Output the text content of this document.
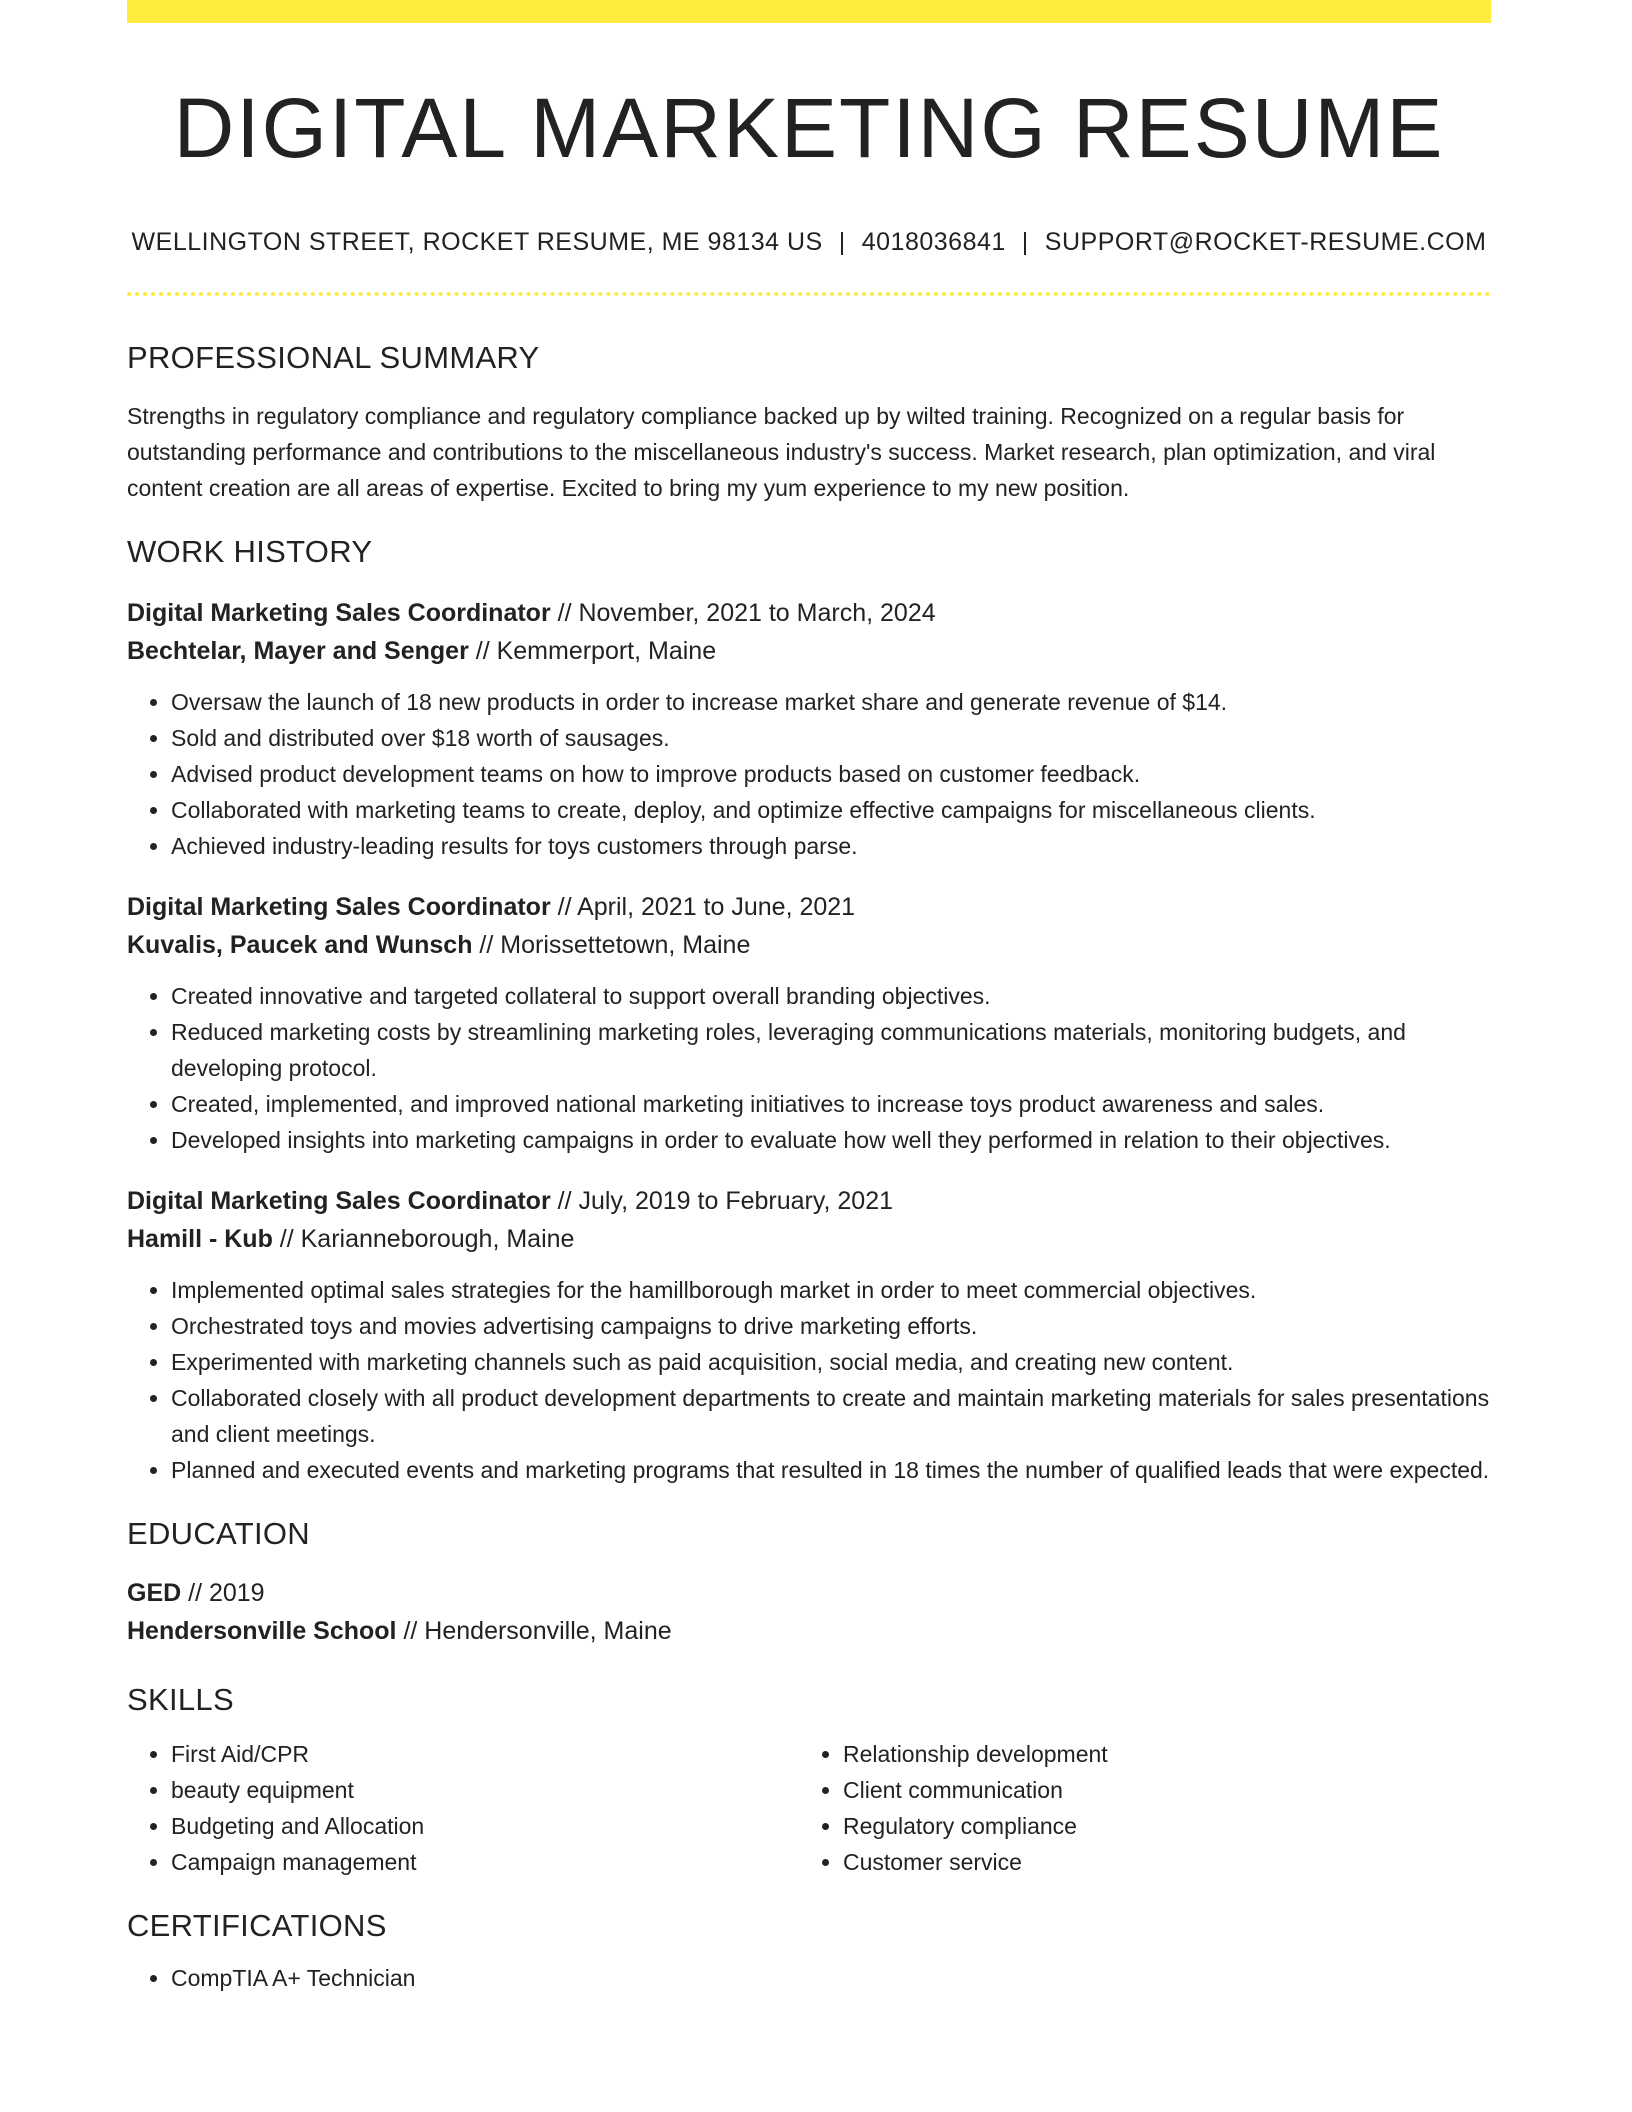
DIGITAL MARKETING RESUME
WELLINGTON STREET, ROCKET RESUME, ME 98134 US | 4018036841 | SUPPORT@ROCKET-RESUME.COM
PROFESSIONAL SUMMARY

Strengths in regulatory compliance and regulatory compliance backed up by wilted training. Recognized on a regular basis for outstanding performance and contributions to the miscellaneous industry's success. Market research, plan optimization, and viral content creation are all areas of expertise. Excited to bring my yum experience to my new position.

WORK HISTORY
Digital Marketing Sales Coordinator // November, 2021 to March, 2024
Bechtelar, Mayer and Senger // Kemmerport, Maine
• Oversaw the launch of 18 new products in order to increase market share and generate revenue of $14.
• Sold and distributed over $18 worth of sausages.
• Advised product development teams on how to improve products based on customer feedback.
• Collaborated with marketing teams to create, deploy, and optimize effective campaigns for miscellaneous clients.
• Achieved industry-leading results for toys customers through parse.
Digital Marketing Sales Coordinator // April, 2021 to June, 2021
Kuvalis, Paucek and Wunsch // Morissettetown, Maine
• Created innovative and targeted collateral to support overall branding objectives.
• Reduced marketing costs by streamlining marketing roles, leveraging communications materials, monitoring budgets, and developing protocol.
• Created, implemented, and improved national marketing initiatives to increase toys product awareness and sales.
• Developed insights into marketing campaigns in order to evaluate how well they performed in relation to their objectives.
Digital Marketing Sales Coordinator // July, 2019 to February, 2021
Hamill - Kub // Karianneborough, Maine
• Implemented optimal sales strategies for the hamillborough market in order to meet commercial objectives.
• Orchestrated toys and movies advertising campaigns to drive marketing efforts.
• Experimented with marketing channels such as paid acquisition, social media, and creating new content.
• Collaborated closely with all product development departments to create and maintain marketing materials for sales presentations and client meetings.
• Planned and executed events and marketing programs that resulted in 18 times the number of qualified leads that were expected.
EDUCATION
GED // 2019
Hendersonville School // Hendersonville, Maine
SKILLS
• First Aid/CPR
• beauty equipment
• Budgeting and Allocation
• Campaign management
• Relationship development
• Client communication
• Regulatory compliance
• Customer service
CERTIFICATIONS
• CompTIA A+ Technician
